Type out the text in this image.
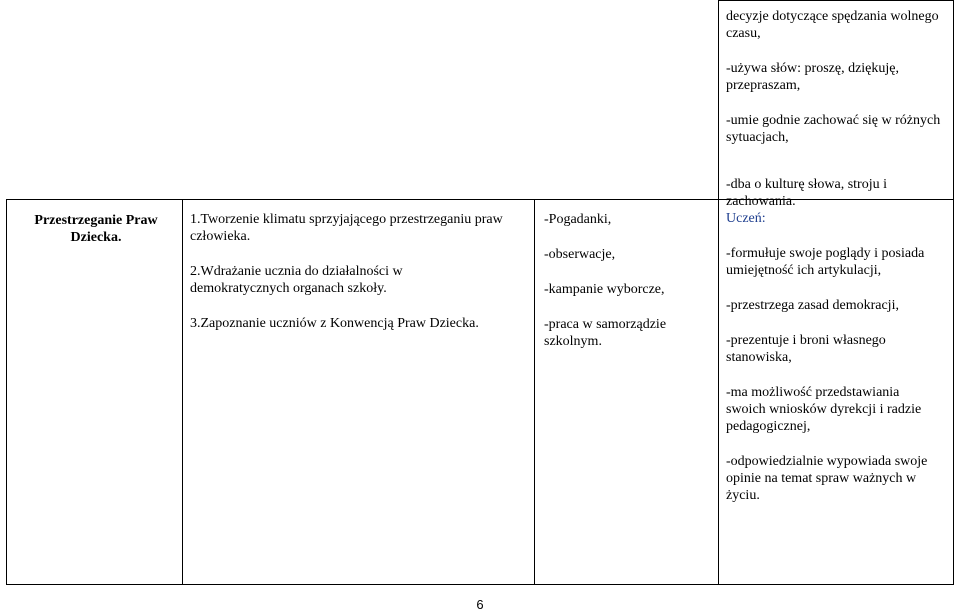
decyzje dotyczące spędzania wolnego czasu,

-używa słów: proszę, dziękuję, przepraszam,

-umie godnie zachować się w różnych sytuacjach,

Przestrzeganie Praw Dziecka.

1.Tworzenie klimatu sprzyjającego przestrzeganiu praw człowieka.

2.Wdrażanie ucznia do działalności w demokratycznych organach szkoły.

3.Zapoznanie uczniów z Konwencją Praw Dziecka.

-Pogadanki,

-obserwacje,

-kampanie wyborcze,

-praca w samorządzie szkolnym.

-dba o kulturę słowa, stroju i zachowania.

Uczeń:

-formułuje swoje poglądy i posiada umiejętność ich artykulacji,

-przestrzega zasad demokracji,

-prezentuje i broni własnego stanowiska,

-ma możliwość przedstawiania swoich wniosków dyrekcji i radzie pedagogicznej,

-odpowiedzialnie wypowiada swoje opinie na temat spraw ważnych w życiu.

6
